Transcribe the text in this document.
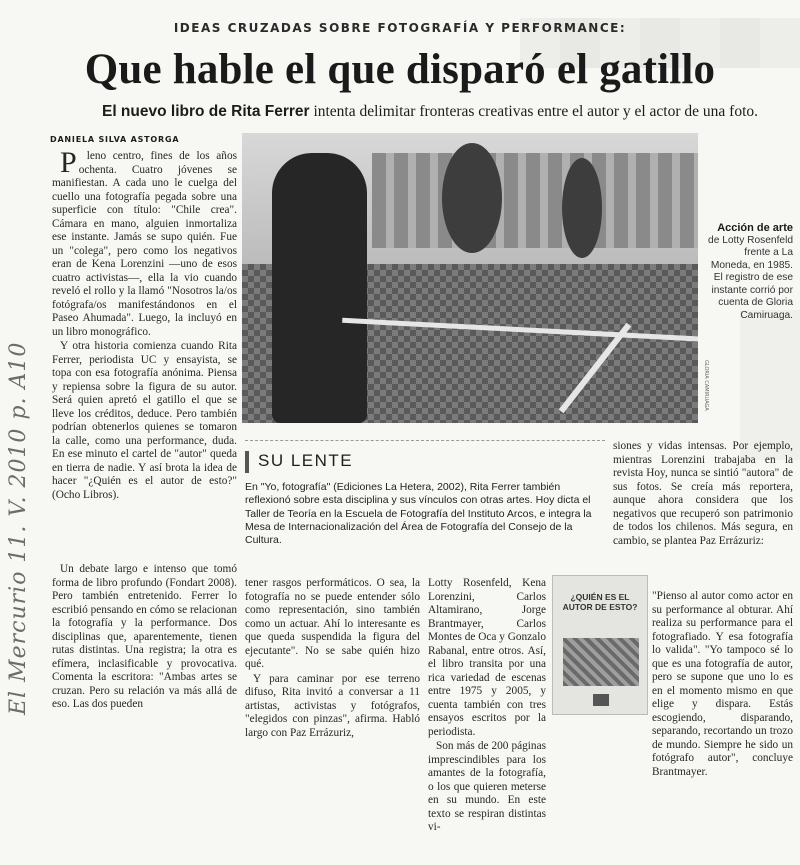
IDEAS CRUZADAS SOBRE FOTOGRAFÍA Y PERFORMANCE:
Que hable el que disparó el gatillo
El nuevo libro de Rita Ferrer intenta delimitar fronteras creativas entre el autor y el actor de una foto.
DANIELA SILVA ASTORGA

Pleno centro, fines de los años ochenta. Cuatro jóvenes se manifiestan. A cada uno le cuelga del cuello una fotografía pegada sobre una superficie con título: "Chile crea". Cámara en mano, alguien inmortaliza ese instante. Jamás se supo quién. Fue un "colega", pero como los negativos eran de Kena Lorenzini —uno de esos cuatro activistas—, ella la vio cuando reveló el rollo y la llamó "Nosotros la/os fotógrafa/os manifestándonos en el Paseo Ahumada". Luego, la incluyó en un libro monográfico.

Y otra historia comienza cuando Rita Ferrer, periodista UC y ensayista, se topa con esa fotografía anónima. Piensa y repiensa sobre la figura de su autor. Será quien apretó el gatillo el que se lleve los créditos, deduce. Pero también podrían obtenerlos quienes se tomaron la calle, como una performance, duda. En ese minuto el cartel de "autor" queda en tierra de nadie. Y así brota la idea de hacer "¿Quién es el autor de esto?" (Ocho Libros).

Un debate largo e intenso que tomó forma de libro profundo (Fondart 2008). Pero también entretenido. Ferrer lo escribió pensando en cómo se relacionan la fotografía y la performance. Dos disciplinas que, aparentemente, tienen rutas distintas. Una registra; la otra es efímera, inclasificable y provocativa. Comenta la escritora: "Ambas artes se cruzan. Pero su relación va más allá de eso. Las dos pueden

GLORIA CAMIRUAGA
Acción de arte
de Lotty Rosenfeld frente a La Moneda, en 1985. El registro de ese instante corrió por cuenta de Gloria Camiruaga.
SU LENTE
En "Yo, fotografía" (Ediciones La Hetera, 2002), Rita Ferrer también reflexionó sobre esta disciplina y sus vínculos con otras artes. Hoy dicta el Taller de Teoría en la Escuela de Fotografía del Instituto Arcos, e integra la Mesa de Internacionalización del Área de Fotografía del Consejo de la Cultura.

tener rasgos performáticos. O sea, la fotografía no se puede entender sólo como representación, sino también como un actuar. Ahí lo interesante es que queda suspendida la figura del ejecutante". No se sabe quién hizo qué.

Y para caminar por ese terreno difuso, Rita invitó a conversar a 11 artistas, activistas y fotógrafos, "elegidos con pinzas", afirma. Habló largo con Paz Errázuriz,

Lotty Rosenfeld, Kena Lorenzini, Carlos Altamirano, Jorge Brantmayer, Carlos Montes de Oca y Gonzalo Rabanal, entre otros. Así, el libro transita por una rica variedad de escenas entre 1975 y 2005, y cuenta también con tres ensayos escritos por la periodista.

Son más de 200 páginas imprescindibles para los amantes de la fotografía, o los que quieren meterse en su mundo. En este texto se respiran distintas vi-

¿QUIÉN ES EL AUTOR DE ESTO?

siones y vidas intensas. Por ejemplo, mientras Lorenzini trabajaba en la revista Hoy, nunca se sintió "autora" de sus fotos. Se creía más reportera, aunque ahora considera que los negativos que recuperó son patrimonio de todos los chilenos. Más segura, en cambio, se plantea Paz Errázuriz:

"Pienso al autor como actor en su performance al obturar. Ahí realiza su performance para el fotografiado. Y esa fotografía lo valida". "Yo tampoco sé lo que es una fotografía de autor, pero se supone que uno lo es en el momento mismo en que elige y dispara. Estás escogiendo, disparando, separando, recortando un trozo de mundo. Siempre he sido un fotógrafo autor", concluye Brantmayer.

El Mercurio 11. V. 2010 p. A10
